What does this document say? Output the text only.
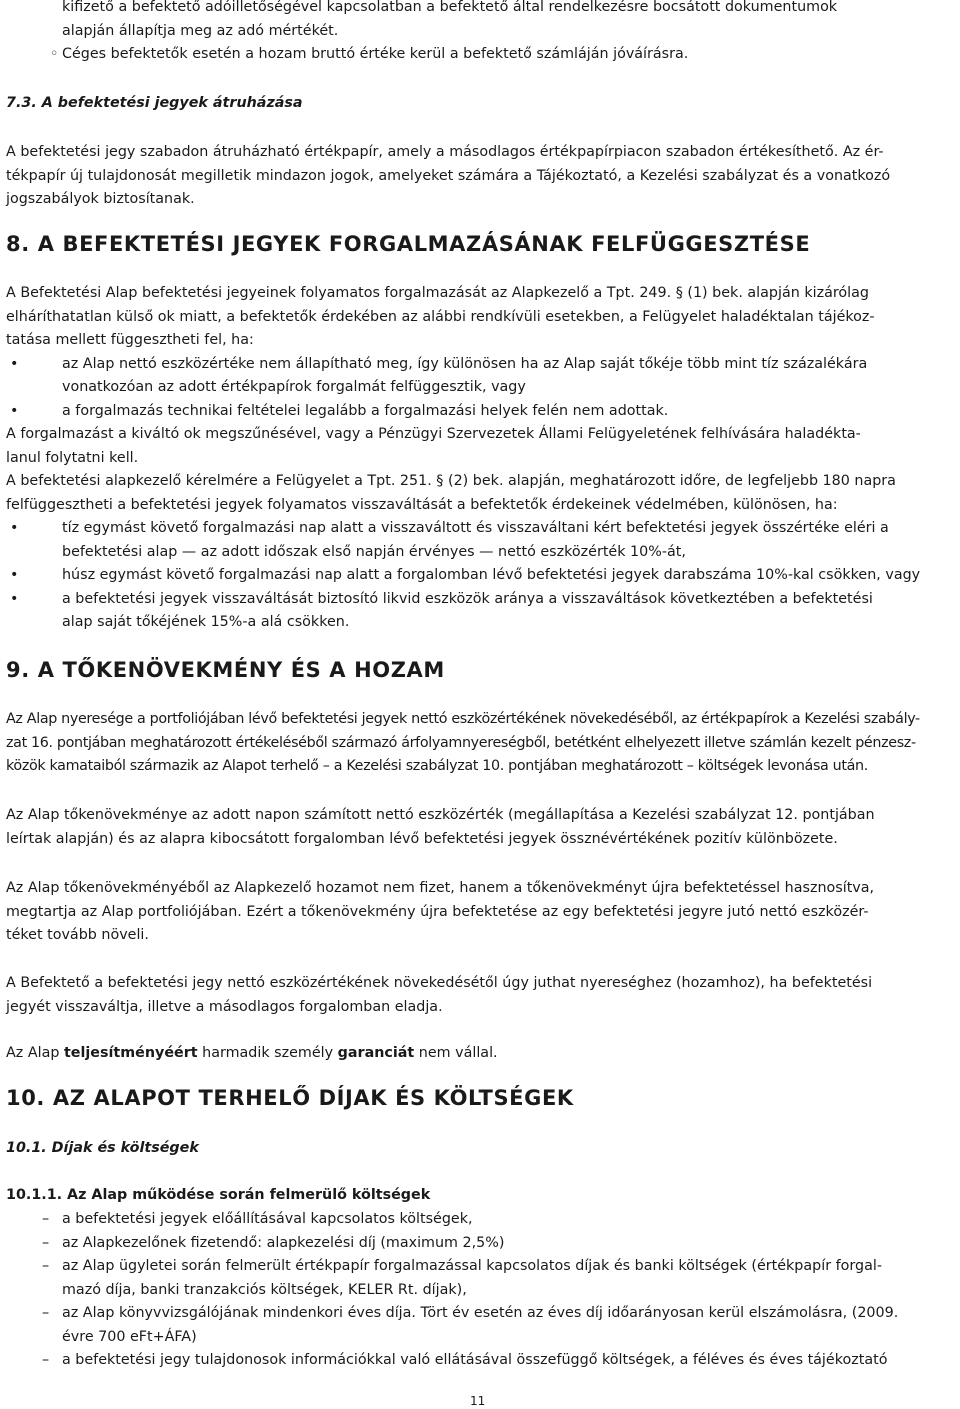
kifizető a befektető adóilletőségével kapcsolatban a befektető által rendelkezésre bocsátott dokumentumok
alapján állapítja meg az adó mértékét.
◦ Céges befektetők esetén a hozam bruttó értéke kerül a befektető számláján jóváírásra.
7.3. A befektetési jegyek átruházása
A befektetési jegy szabadon átruházható értékpapír, amely a másodlagos értékpapírpiacon szabadon értékesíthető. Az ér-
tékpapír új tulajdonosát megilletik mindazon jogok, amelyeket számára a Tájékoztató, a Kezelési szabályzat és a vonatkozó
jogszabályok biztosítanak.
8. A BEFEKTETÉSI JEGYEK FORGALMAZÁSÁNAK FELFÜGGESZTÉSE
A Befektetési Alap befektetési jegyeinek folyamatos forgalmazását az Alapkezelő a Tpt. 249. § (1) bek. alapján kizárólag
elháríthatatlan külső ok miatt, a befektetők érdekében az alábbi rendkívüli esetekben, a Felügyelet haladéktalan tájékoz-
tatása mellett függesztheti fel, ha:
•	az Alap nettó eszközértéke nem állapítható meg, így különösen ha az Alap saját tőkéje több mint tíz százalékára
vonatkozóan az adott értékpapírok forgalmát felfüggesztik, vagy
•	a forgalmazás technikai feltételei legalább a forgalmazási helyek felén nem adottak.
A forgalmazást a kiváltó ok megszűnésével, vagy a Pénzügyi Szervezetek Állami Felügyeletének felhívására haladékta-
lanul folytatni kell.
A befektetési alapkezelő kérelmére a Felügyelet a Tpt. 251. § (2) bek. alapján, meghatározott időre, de legfeljebb 180 napra
felfüggesztheti a befektetési jegyek folyamatos visszaváltását a befektetők érdekeinek védelmében, különösen, ha:
•	tíz egymást követő forgalmazási nap alatt a visszaváltott és visszaváltani kért befektetési jegyek összértéke eléri a
befektetési alap — az adott időszak első napján érvényes — nettó eszközérték 10%-át,
•	húsz egymást követő forgalmazási nap alatt a forgalomban lévő befektetési jegyek darabszáma 10%-kal csökken, vagy
•	a befektetési jegyek visszaváltását biztosító likvid eszközök aránya a visszaváltások következtében a befektetési
alap saját tőkéjének 15%-a alá csökken.
9. A TŐKENÖVEKMÉNY ÉS A HOZAM
Az Alap nyeresége a portfoliójában lévő befektetési jegyek nettó eszközértékének növekedéséből, az értékpapírok a Kezelési szabály-
zat 16. pontjában meghatározott értékeléséből származó árfolyamnyereségből, betétként elhelyezett illetve számlán kezelt pénzesz-
közök kamataiból származik az Alapot terhelő – a Kezelési szabályzat 10. pontjában meghatározott – költségek levonása után.
Az Alap tőkenövekménye az adott napon számított nettó eszközérték (megállapítása a Kezelési szabályzat 12. pontjában
leírtak alapján) és az alapra kibocsátott forgalomban lévő befektetési jegyek össznévértékének pozitív különbözete.
Az Alap tőkenövekményéből az Alapkezelő hozamot nem fizet, hanem a tőkenövekményt újra befektetéssel hasznosítva,
megtartja az Alap portfoliójában. Ezért a tőkenövekmény újra befektetése az egy befektetési jegyre jutó nettó eszközér-
téket tovább növeli.
A Befektető a befektetési jegy nettó eszközértékének növekedésétől úgy juthat nyereséghez (hozamhoz), ha befektetési
jegyét visszaváltja, illetve a másodlagos forgalomban eladja.
Az Alap teljesítményéért harmadik személy garanciát nem vállal.
10. AZ ALAPOT TERHELŐ DÍJAK ÉS KÖLTSÉGEK
10.1. Díjak és költségek
10.1.1. Az Alap működése során felmerülő költségek
– a befektetési jegyek előállításával kapcsolatos költségek,
– az Alapkezelőnek fizetendő: alapkezelési díj (maximum 2,5%)
– az Alap ügyletei során felmerült értékpapír forgalmazással kapcsolatos díjak és banki költségek (értékpapír forgal-
mazó díja, banki tranzakciós költségek, KELER Rt. díjak),
– az Alap könyvvizsgálójának mindenkori éves díja. Tört év esetén az éves díj időarányosan kerül elszámolásra, (2009.
évre 700 eFt+ÁFA)
– a befektetési jegy tulajdonosok információkkal való ellátásával összefüggő költségek, a féléves és éves tájékoztató
11
